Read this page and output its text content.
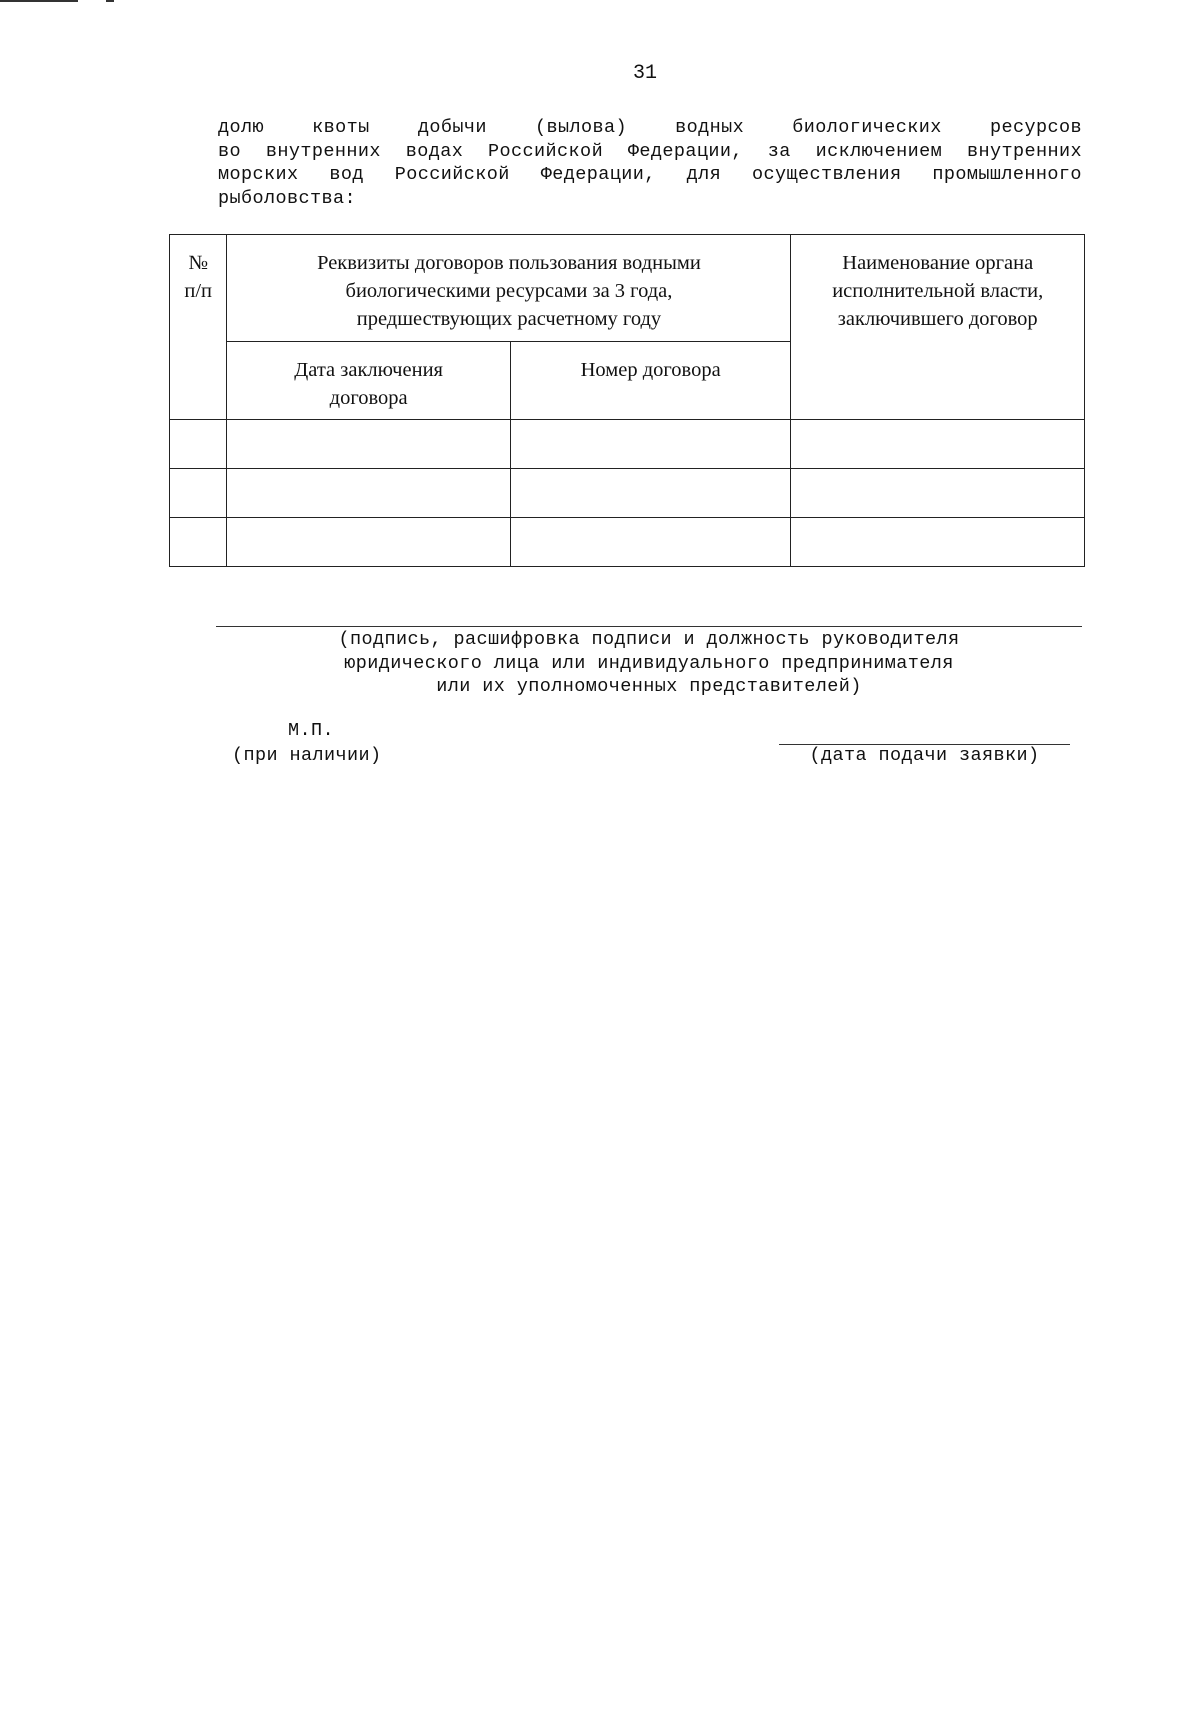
31
долю	квоты	добычи	(вылова)	водных	биологических	ресурсов
во внутренних водах Российской Федерации, за исключением внутренних
морских вод Российской Федерации, для осуществления промышленного
рыболовства:
№ п/п	Реквизиты договоров пользования водными биологическими ресурсами за 3 года, предшествующих расчетному году		Наименование органа исполнительной власти, заключившего договор
	Дата заключения договора	Номер договора	

(подпись, расшифровка подписи и должность руководителя
юридического лица или индивидуального предпринимателя
или их уполномоченных представителей)
М.П.
(при наличии)	(дата подачи заявки)
